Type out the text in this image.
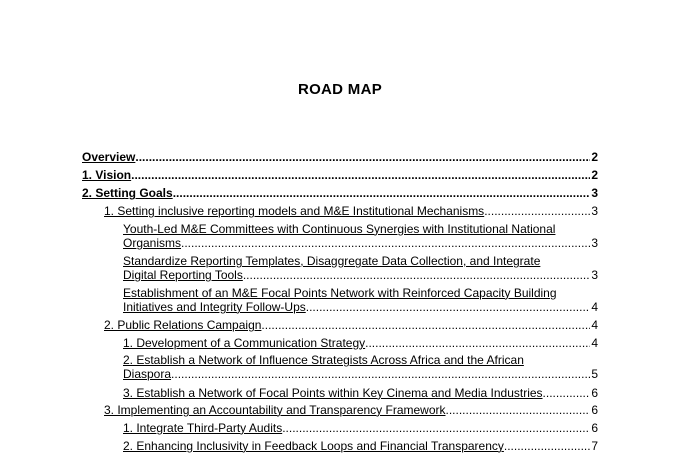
ROAD MAP
Overview .....	2
1. Vision .....	2
2. Setting Goals .....	3
1. Setting inclusive reporting models and M&E Institutional Mechanisms .....	3
Youth-Led M&E Committees with Continuous Synergies with Institutional National
Organisms .....	3
Standardize Reporting Templates, Disaggregate Data Collection, and Integrate
Digital Reporting Tools .....	3
Establishment of an M&E Focal Points Network with Reinforced Capacity Building
Initiatives and Integrity Follow-Ups .....	4
2. Public Relations Campaign .....	4
1. Development of a Communication Strategy .....	4
2. Establish a Network of Influence Strategists Across Africa and the African
Diaspora .....	5
3. Establish a Network of Focal Points within Key Cinema and Media Industries .....	6
3. Implementing an Accountability and Transparency Framework .....	6
1. Integrate Third-Party Audits .....	6
2. Enhancing Inclusivity in Feedback Loops and Financial Transparency .....	7
